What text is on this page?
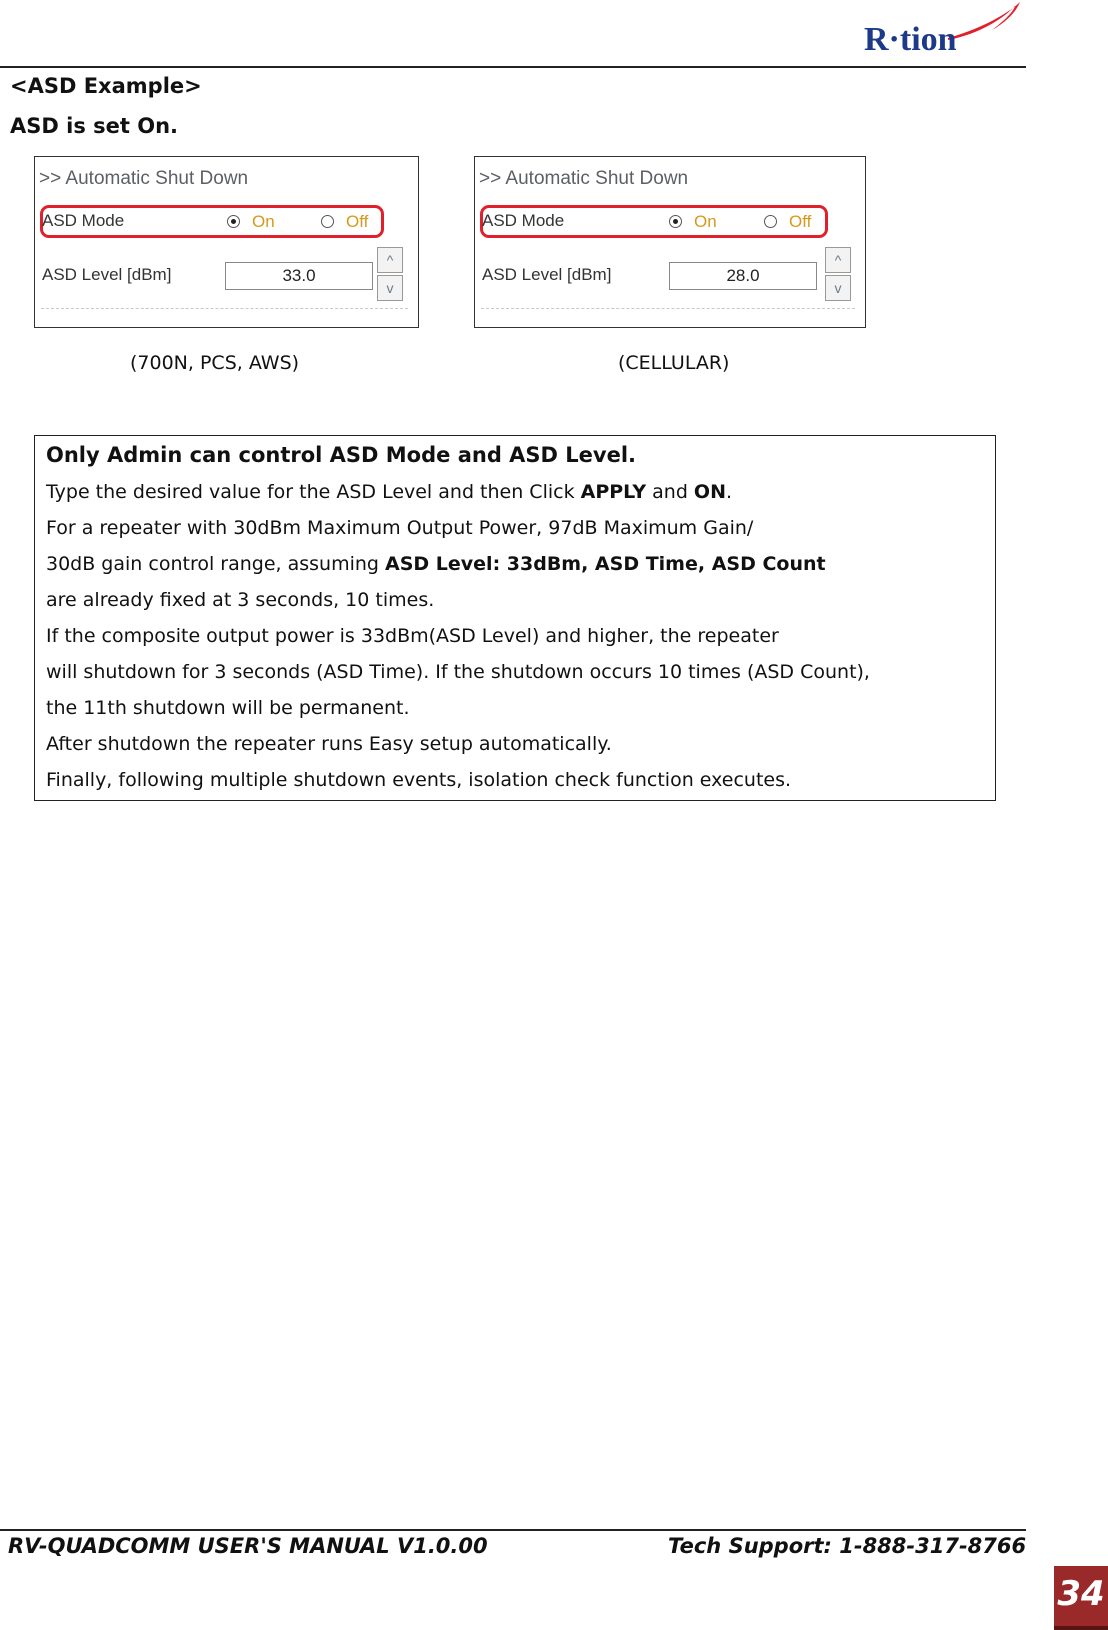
R·tion
<ASD Example>
ASD is set On.
>> Automatic Shut Down
ASD Mode	On	Off
ASD Level [dBm]	33.0
^
v
>> Automatic Shut Down
ASD Mode	On	Off
ASD Level [dBm]	28.0
^
v
(700N, PCS, AWS)	(CELLULAR)
Only Admin can control ASD Mode and ASD Level.
Type the desired value for the ASD Level and then Click APPLY and ON.
For a repeater with 30dBm Maximum Output Power, 97dB Maximum Gain/
30dB gain control range, assuming ASD Level: 33dBm, ASD Time, ASD Count
are already fixed at 3 seconds, 10 times.
If the composite output power is 33dBm(ASD Level) and higher, the repeater
will shutdown for 3 seconds (ASD Time). If the shutdown occurs 10 times (ASD Count),
the 11th shutdown will be permanent.
After shutdown the repeater runs Easy setup automatically.
Finally, following multiple shutdown events, isolation check function executes.
RV-QUADCOMM USER'S MANUAL V1.0.00	Tech Support: 1-888-317-8766
34
